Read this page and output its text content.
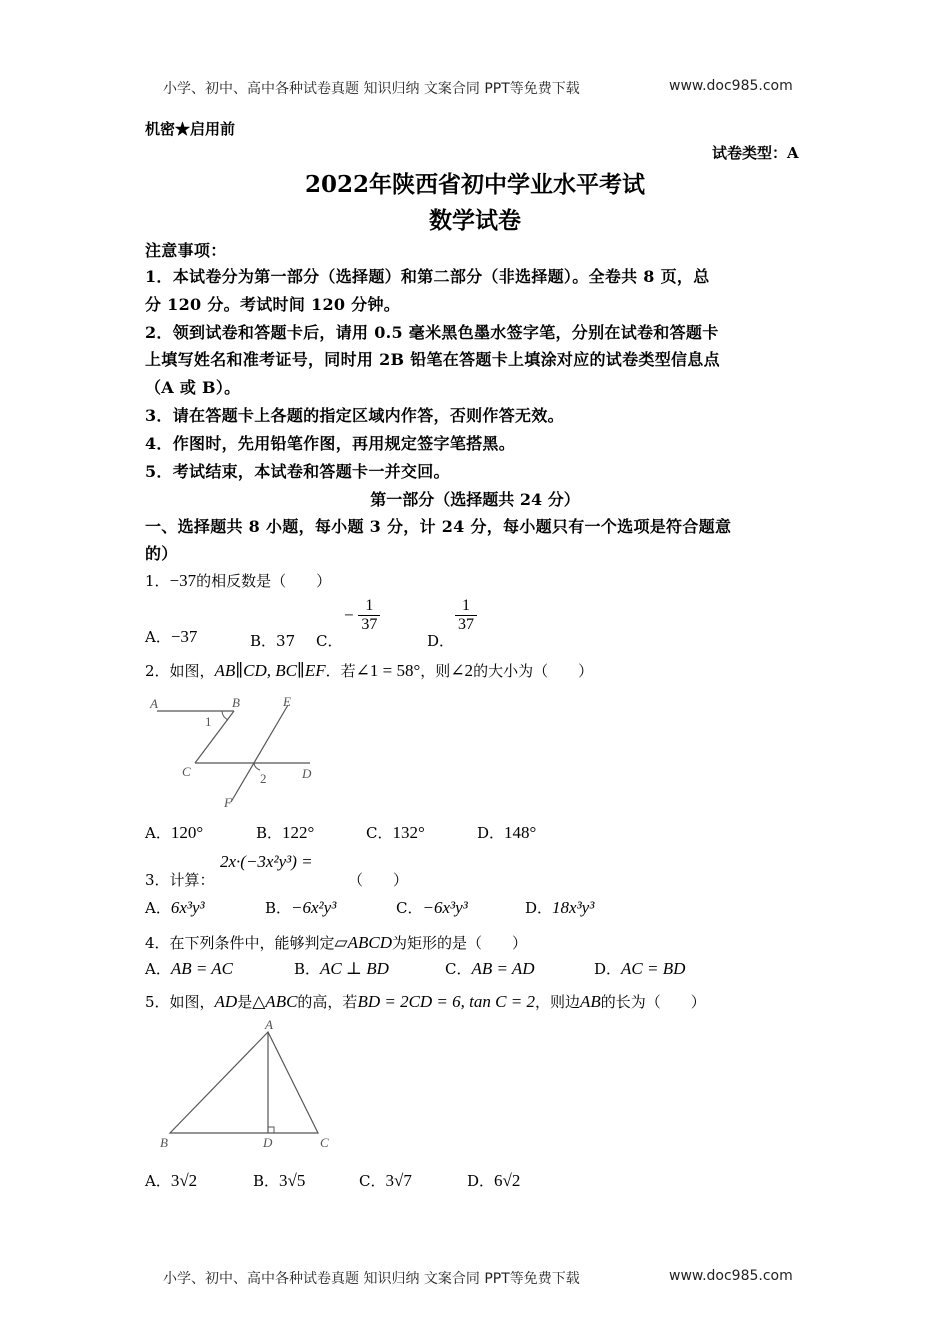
小学、初中、高中各种试卷真题 知识归纳 文案合同 PPT等免费下载	www.doc985.com
机密★启用前
试卷类型：A
2022年陕西省初中学业水平考试
数学试卷
注意事项：
1．本试卷分为第一部分（选择题）和第二部分（非选择题）。全卷共 8 页，总
分 120 分。考试时间 120 分钟。
2．领到试卷和答题卡后，请用 0.5 毫米黑色墨水签字笔，分别在试卷和答题卡
上填写姓名和准考证号，同时用 2B 铅笔在答题卡上填涂对应的试卷类型信息点
（A 或 B）。
3．请在答题卡上各题的指定区域内作答，否则作答无效。
4．作图时，先用铅笔作图，再用规定签字笔搭黑。
5．考试结束，本试卷和答题卡一并交回。
第一部分（选择题共 24 分）
一、选择题共 8 小题，每小题 3 分，计 24 分，每小题只有一个选项是符合题意
的）
1．−37的相反数是（　　）
A．−37	B．37 C．
− $\frac{1}{37}$
D．
$\frac{1}{37}$
2．如图，AB∥CD, BC∥EF．若∠1 = 58°，则∠2的大小为（　　）
A	B	E
C	D
F
1
2
A．120°	B．122°	C．132°	D．148°
3．计算：
2x·(−3x²y³) =
（　　）
A．6x³y³	B．−6x²y³	C．−6x³y³	D．18x³y³
4．在下列条件中，能够判定▱ABCD为矩形的是（　　）
A．AB = AC	B．AC ⊥ BD	C．AB = AD	D．AC = BD
5．如图，AD是△ABC的高，若BD = 2CD = 6, tan C = 2，则边AB的长为（　　）
A
B	D	C
A．3√2	B．3√5	C．3√7	D．6√2
小学、初中、高中各种试卷真题 知识归纳 文案合同 PPT等免费下载	www.doc985.com
